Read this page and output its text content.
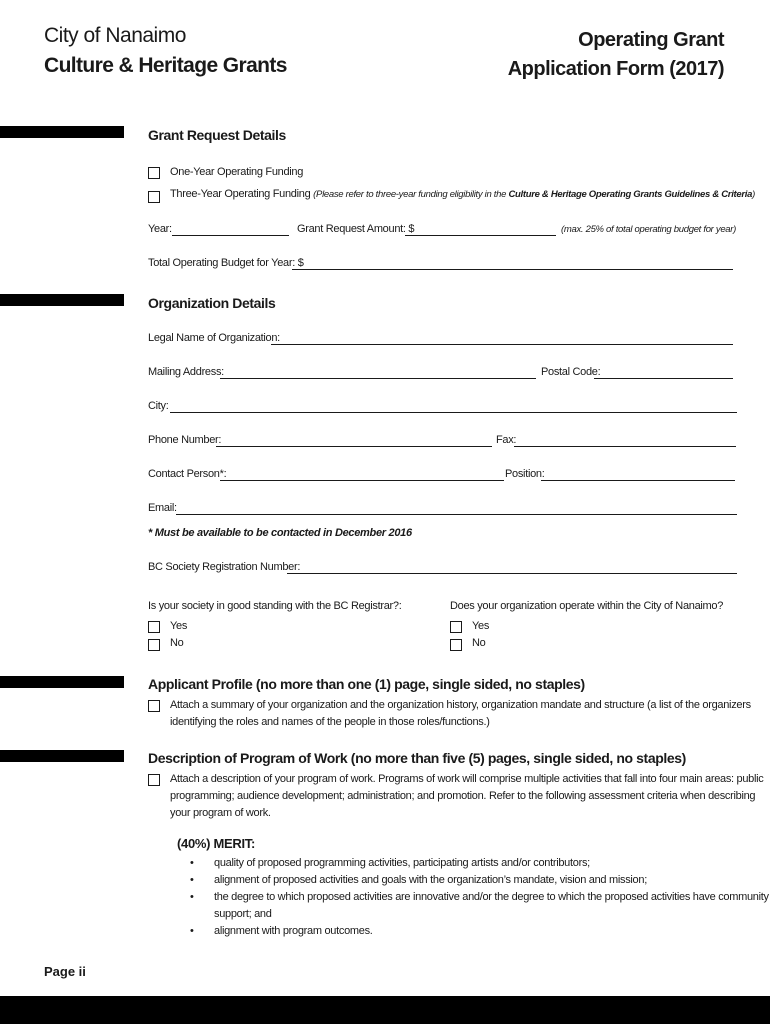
City of Nanaimo
Culture & Heritage Grants
Operating Grant
Application Form (2017)
Grant Request Details
One-Year Operating Funding
Three-Year Operating Funding (Please refer to three-year funding eligibility in the Culture & Heritage Operating Grants Guidelines & Criteria)
Year:	Grant Request Amount: $	(max. 25% of total operating budget for year)
Total Operating Budget for Year: $
Organization Details
Legal Name of Organization:
Mailing Address:	Postal Code:
City:
Phone Number:	Fax:
Contact Person*:	Position:
Email:
* Must be available to be contacted in December 2016
BC Society Registration Number:
Is your society in good standing with the BC Registrar?:
Yes
No
Does your organization operate within the City of Nanaimo?
Yes
No
Applicant Profile (no more than one (1) page, single sided, no staples)
Attach a summary of your organization and the organization history, organization mandate and structure (a list of the organizers
identifying the roles and names of the people in those roles/functions.)
Description of Program of Work (no more than five (5) pages, single sided, no staples)
Attach a description of your program of work. Programs of work will comprise multiple activities that fall into four main areas: public
programming; audience development; administration; and promotion. Refer to the following assessment criteria when describing
your program of work.
(40%) MERIT:
• quality of proposed programming activities, participating artists and/or contributors;
• alignment of proposed activities and goals with the organization’s mandate, vision and mission;
• the degree to which proposed activities are innovative and/or the degree to which the proposed activities have community
support; and
• alignment with program outcomes.
Page ii
